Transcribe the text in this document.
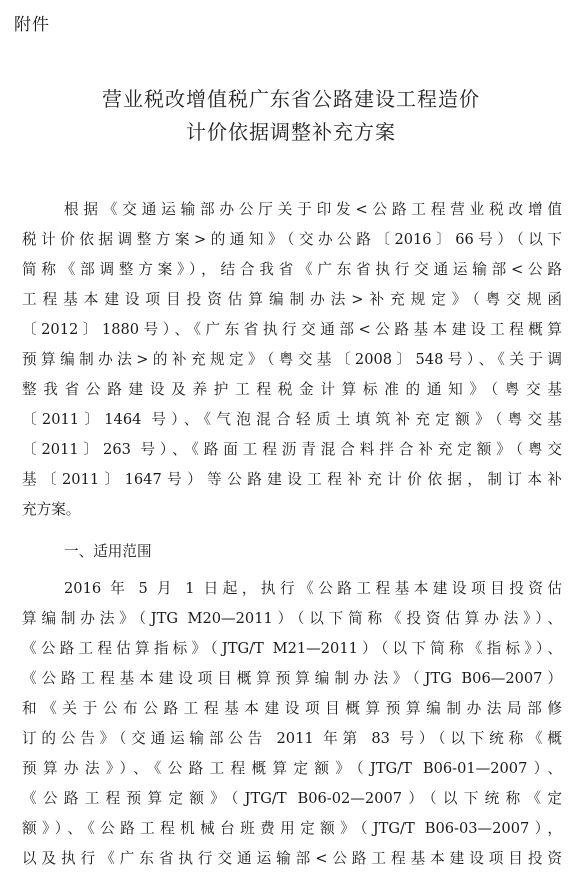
附件
营业税改增值税广东省公路建设工程造价
计价依据调整补充方案
根据《交通运输部办公厅关于印发<公路工程营业税改增值
税计价依据调整方案>的通知》（交办公路〔2016〕66号）（以下
简称《部调整方案》），结合我省《广东省执行交通运输部<公路
工程基本建设项目投资估算编制办法>补充规定》（粤交规函
〔2012〕1880号）、《广东省执行交通部<公路基本建设工程概算
预算编制办法>的补充规定》（粤交基〔2008〕548号）、《关于调
整我省公路建设及养护工程税金计算标准的通知》（粤交基
〔2011〕1464 号）、《气泡混合轻质土填筑补充定额》（粤交基
〔2011〕263 号）、《路面工程沥青混合料拌合补充定额》（粤交
基〔2011〕1647号）等公路建设工程补充计价依据，制订本补
充方案。
一、适用范围
2016 年 5 月 1 日起，执行《公路工程基本建设项目投资估
算编制办法》（JTG M20—2011）（以下简称《投资估算办法》）、
《公路工程估算指标》（JTG/T M21—2011）（以下简称《指标》）、
《公路工程基本建设项目概算预算编制办法》（JTG B06—2007）
和《关于公布公路工程基本建设项目概算预算编制办法局部修
订的公告》（交通运输部公告 2011 年第 83 号）（以下统称《概
预算办法》）、《公路工程概算定额》（JTG/T B06-01—2007）、
《公路工程预算定额》（JTG/T B06-02—2007）（以下统称《定
额》）、《公路工程机械台班费用定额》（JTG/T B06-03—2007），
以及执行《广东省执行交通运输部<公路工程基本建设项目投资
